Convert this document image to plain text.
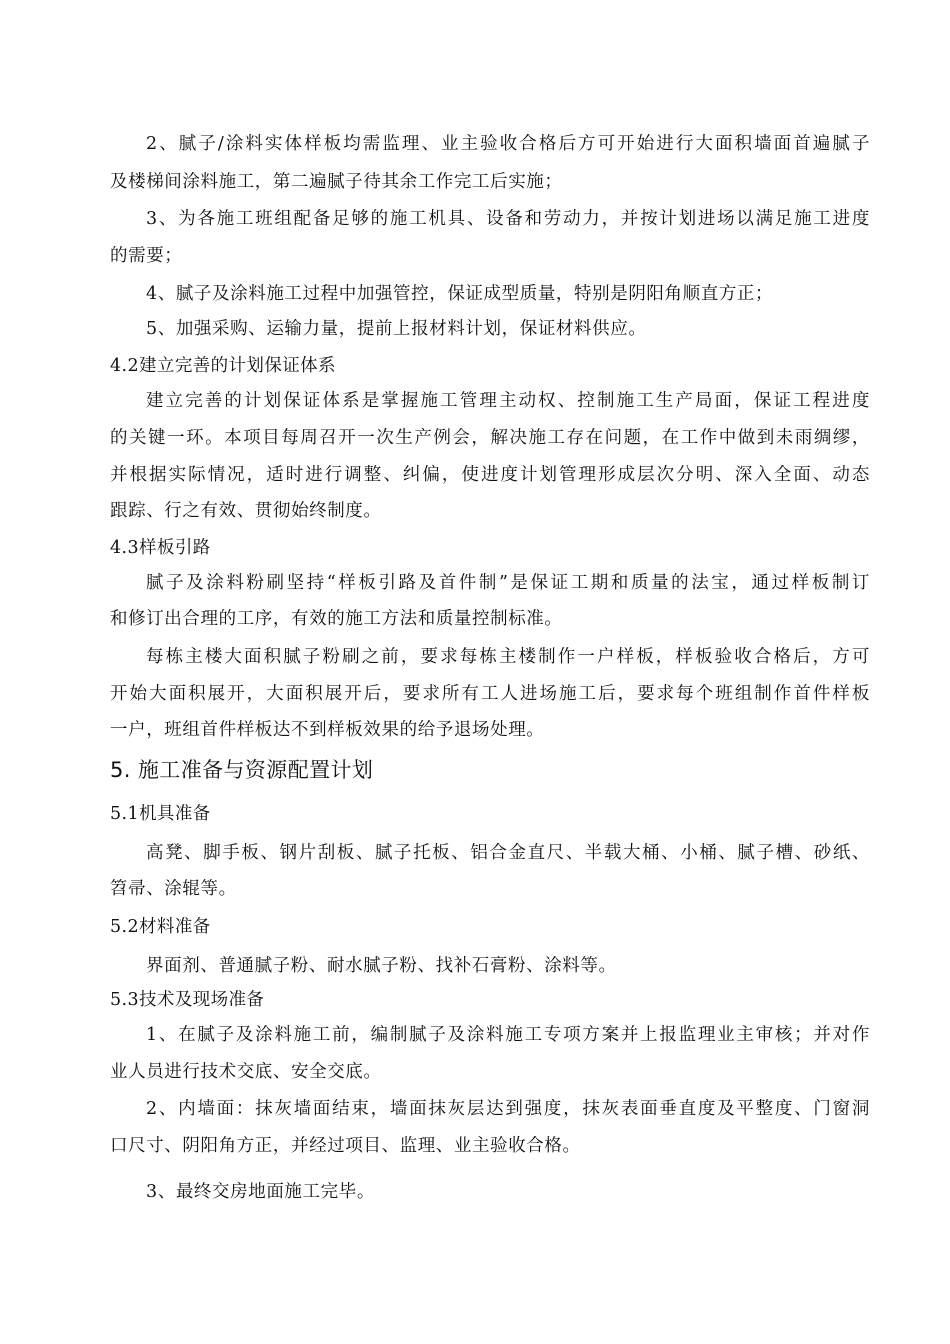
2、腻子/涂料实体样板均需监理、业主验收合格后方可开始进行大面积墙面首遍腻子
及楼梯间涂料施工，第二遍腻子待其余工作完工后实施；
3、为各施工班组配备足够的施工机具、设备和劳动力，并按计划进场以满足施工进度
的需要；
4、腻子及涂料施工过程中加强管控，保证成型质量，特别是阴阳角顺直方正；
5、加强采购、运输力量，提前上报材料计划，保证材料供应。
4.2建立完善的计划保证体系
建立完善的计划保证体系是掌握施工管理主动权、控制施工生产局面，保证工程进度
的关键一环。本项目每周召开一次生产例会，解决施工存在问题，在工作中做到未雨绸缪，
并根据实际情况，适时进行调整、纠偏，使进度计划管理形成层次分明、深入全面、动态
跟踪、行之有效、贯彻始终制度。
4.3样板引路
腻子及涂料粉刷坚持“样板引路及首件制”是保证工期和质量的法宝，通过样板制订
和修订出合理的工序，有效的施工方法和质量控制标准。
每栋主楼大面积腻子粉刷之前，要求每栋主楼制作一户样板，样板验收合格后，方可
开始大面积展开，大面积展开后，要求所有工人进场施工后，要求每个班组制作首件样板
一户，班组首件样板达不到样板效果的给予退场处理。
5. 施工准备与资源配置计划
5.1机具准备
高凳、脚手板、钢片刮板、腻子托板、铝合金直尺、半载大桶、小桶、腻子槽、砂纸、
笤帚、涂辊等。
5.2材料准备
界面剂、普通腻子粉、耐水腻子粉、找补石膏粉、涂料等。
5.3技术及现场准备
1、在腻子及涂料施工前，编制腻子及涂料施工专项方案并上报监理业主审核；并对作
业人员进行技术交底、安全交底。
2、内墙面：抹灰墙面结束，墙面抹灰层达到强度，抹灰表面垂直度及平整度、门窗洞
口尺寸、阴阳角方正，并经过项目、监理、业主验收合格。
3、最终交房地面施工完毕。
